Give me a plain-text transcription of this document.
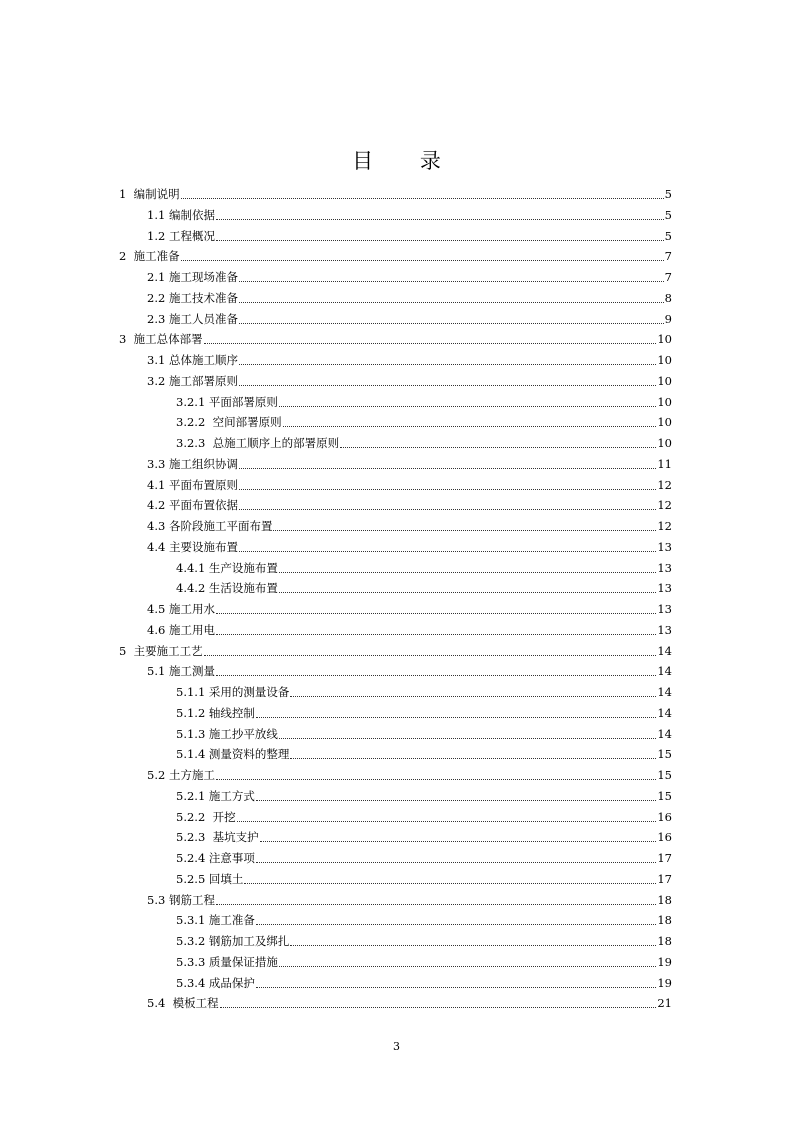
目 录
1  编制说明	5
1.1 编制依据	5
1.2 工程概况	5
2  施工准备	7
2.1 施工现场准备	7
2.2 施工技术准备	8
2.3 施工人员准备	9
3  施工总体部署	10
3.1 总体施工顺序	10
3.2 施工部署原则	10
3.2.1 平面部署原则	10
3.2.2  空间部署原则	10
3.2.3  总施工顺序上的部署原则	10
3.3 施工组织协调	11
4.1 平面布置原则	12
4.2 平面布置依据	12
4.3 各阶段施工平面布置	12
4.4 主要设施布置	13
4.4.1 生产设施布置	13
4.4.2 生活设施布置	13
4.5 施工用水	13
4.6 施工用电	13
5  主要施工工艺	14
5.1 施工测量	14
5.1.1 采用的测量设备	14
5.1.2 轴线控制	14
5.1.3 施工抄平放线	14
5.1.4 测量资料的整理	15
5.2 土方施工	15
5.2.1 施工方式	15
5.2.2  开挖	16
5.2.3  基坑支护	16
5.2.4 注意事项	17
5.2.5 回填土	17
5.3 钢筋工程	18
5.3.1 施工准备	18
5.3.2 钢筋加工及绑扎	18
5.3.3 质量保证措施	19
5.3.4 成品保护	19
5.4  模板工程	21
3
